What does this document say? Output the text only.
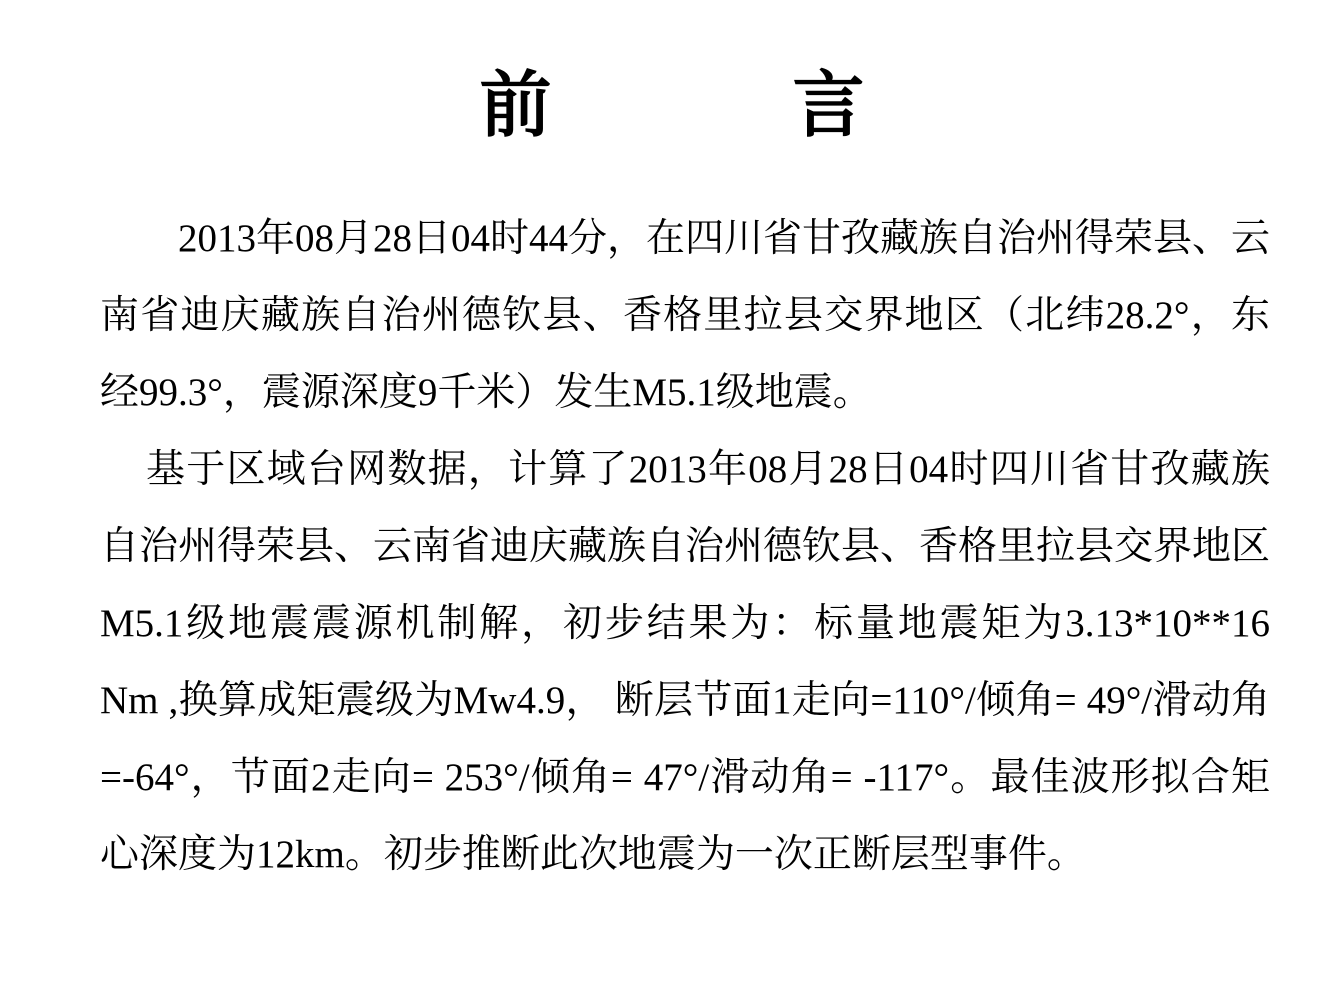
前 言

2013年08月28日04时44分，在四川省甘孜藏族自治州得荣县、云南省迪庆藏族自治州德钦县、香格里拉县交界地区（北纬28.2°，东经99.3°，震源深度9千米）发生M5.1级地震。

基于区域台网数据，计算了2013年08月28日04时四川省甘孜藏族自治州得荣县、云南省迪庆藏族自治州德钦县、香格里拉县交界地区M5.1级地震震源机制解，初步结果为：标量地震矩为3.13*10**16 Nm ,换算成矩震级为Mw4.9， 断层节面1走向=110°/倾角= 49°/滑动角=-64°，节面2走向= 253°/倾角= 47°/滑动角= -117°。最佳波形拟合矩心深度为12km。初步推断此次地震为一次正断层型事件。
